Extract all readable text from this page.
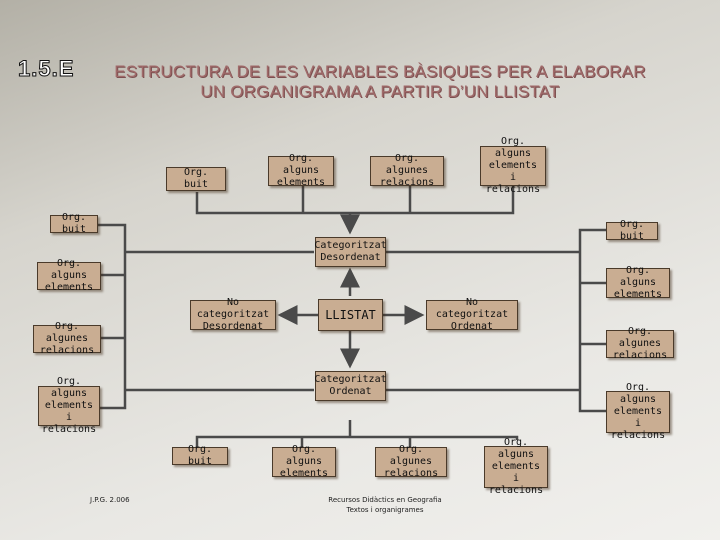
1.5.E	ESTRUCTURA DE LES VARIABLES BÀSIQUES PER A ELABORAR
UN ORGANIGRAMA A PARTIR D’UN LLISTAT
Org. buit
Org. alguns
elements
Org. algunes
relacions
Org. alguns
elements i
relacions
Org. buit
Org. alguns
elements
Org. algunes
relacions
Org. alguns
elements i
relacions
Org. buit
Org. alguns
elements
Org. algunes
relacions
Org. alguns
elements i
relacions
Categoritzat
Desordenat
LLISTAT
No categoritzat
Desordenat
No categoritzat
Ordenat
Categoritzat
Ordenat
Org. buit
Org. alguns
elements
Org. algunes
relacions
Org. alguns
elements i
relacions
J.P.G. 2.006	Recursos Didàctics en Geografia
Textos i organigrames
